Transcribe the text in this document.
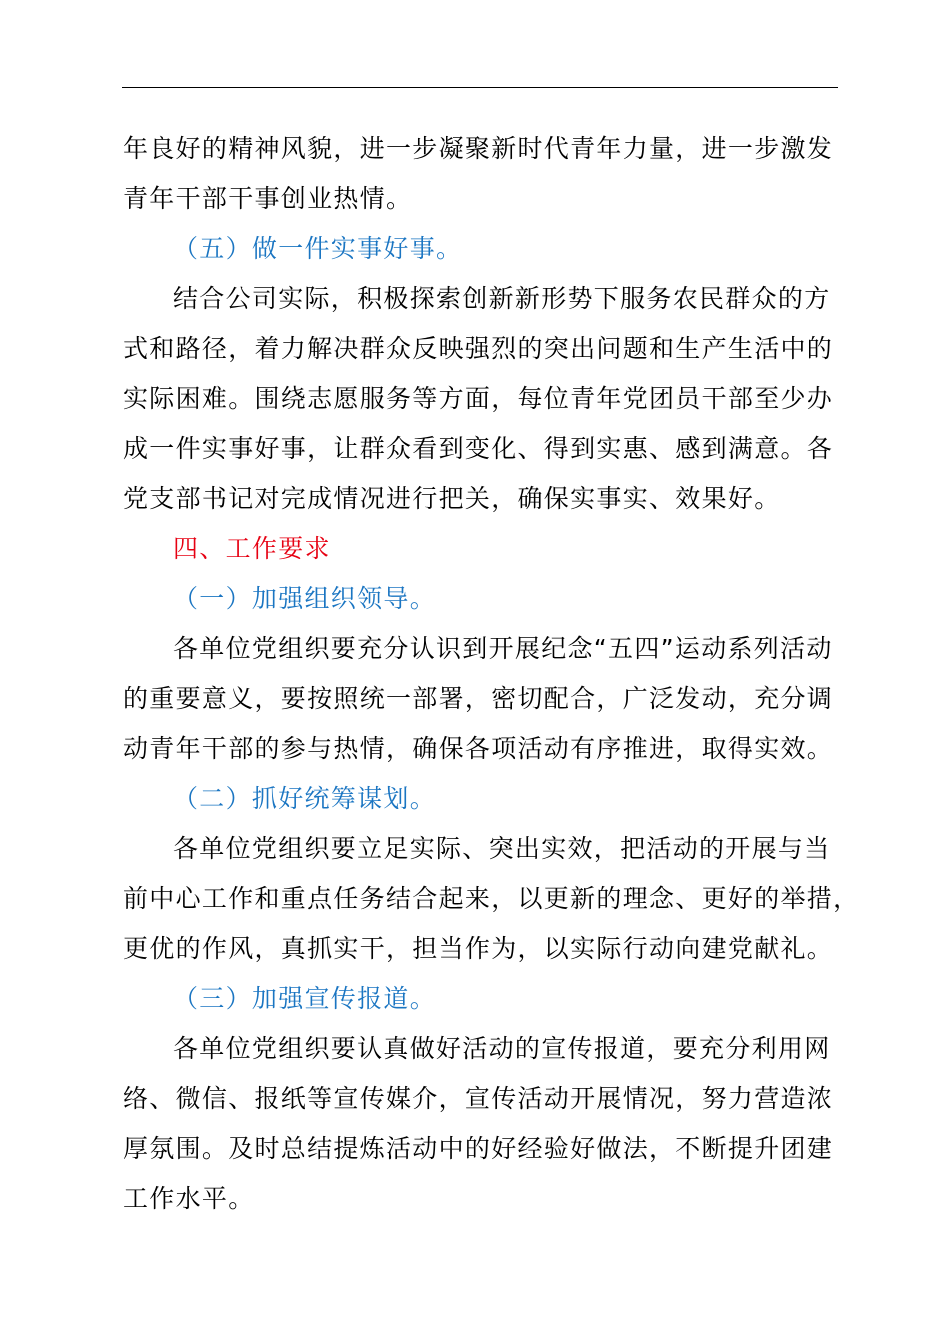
年良好的精神风貌，进一步凝聚新时代青年力量，进一步激发
青年干部干事创业热情。
（五）做一件实事好事。
结合公司实际，积极探索创新新形势下服务农民群众的方
式和路径，着力解决群众反映强烈的突出问题和生产生活中的
实际困难。围绕志愿服务等方面，每位青年党团员干部至少办
成一件实事好事，让群众看到变化、得到实惠、感到满意。各
党支部书记对完成情况进行把关，确保实事实、效果好。
四、工作要求
（一）加强组织领导。
各单位党组织要充分认识到开展纪念“五四”运动系列活动
的重要意义，要按照统一部署，密切配合，广泛发动，充分调
动青年干部的参与热情，确保各项活动有序推进，取得实效。
（二）抓好统筹谋划。
各单位党组织要立足实际、突出实效，把活动的开展与当
前中心工作和重点任务结合起来，以更新的理念、更好的举措，
更优的作风，真抓实干，担当作为，以实际行动向建党献礼。
（三）加强宣传报道。
各单位党组织要认真做好活动的宣传报道，要充分利用网
络、微信、报纸等宣传媒介，宣传活动开展情况，努力营造浓
厚氛围。及时总结提炼活动中的好经验好做法，不断提升团建
工作水平。
